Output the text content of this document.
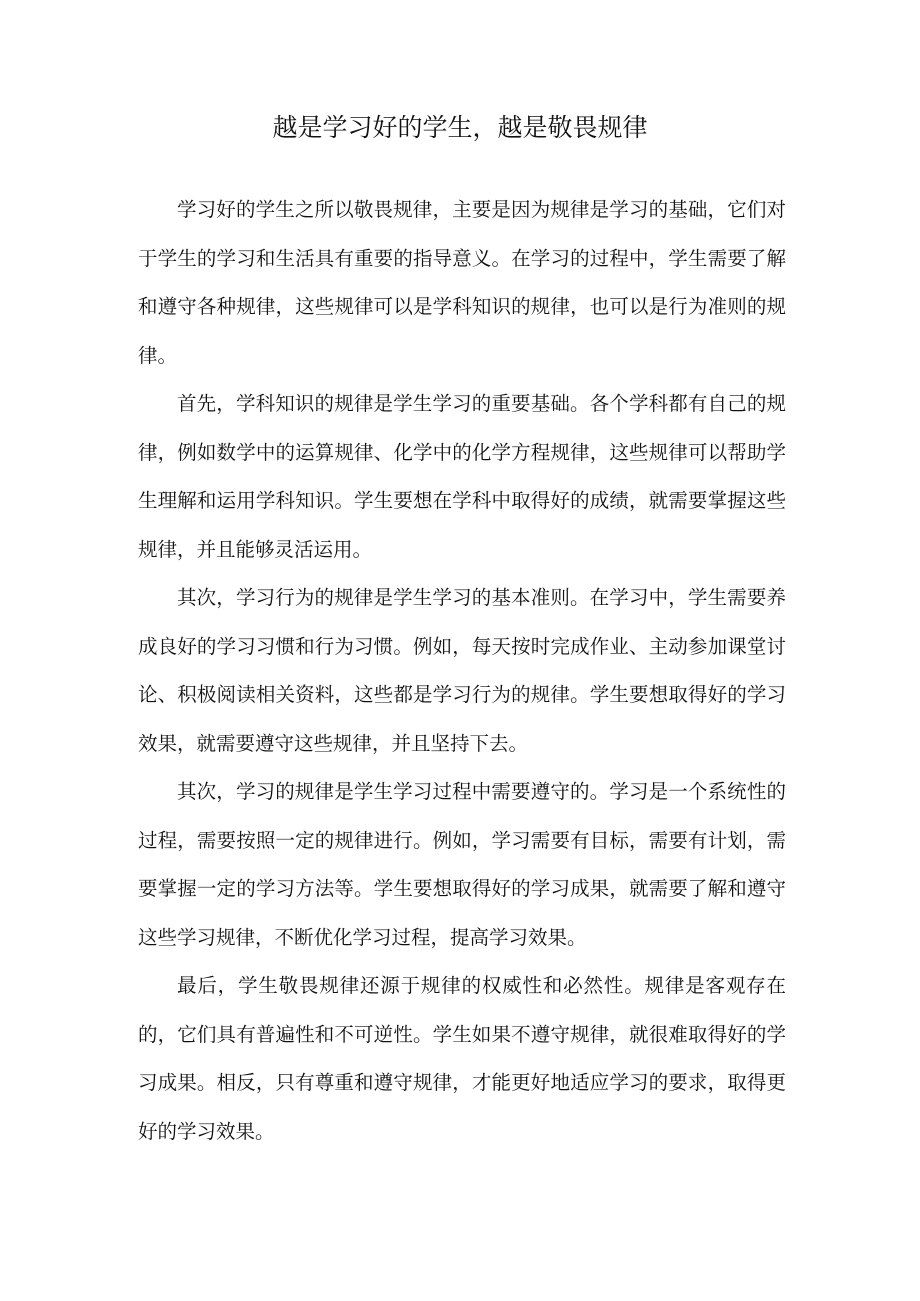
越是学习好的学生，越是敬畏规律

学习好的学生之所以敬畏规律，主要是因为规律是学习的基础，它们对于学生的学习和生活具有重要的指导意义。在学习的过程中，学生需要了解和遵守各种规律，这些规律可以是学科知识的规律，也可以是行为准则的规律。

首先，学科知识的规律是学生学习的重要基础。各个学科都有自己的规律，例如数学中的运算规律、化学中的化学方程规律，这些规律可以帮助学生理解和运用学科知识。学生要想在学科中取得好的成绩，就需要掌握这些规律，并且能够灵活运用。

其次，学习行为的规律是学生学习的基本准则。在学习中，学生需要养成良好的学习习惯和行为习惯。例如，每天按时完成作业、主动参加课堂讨论、积极阅读相关资料，这些都是学习行为的规律。学生要想取得好的学习效果，就需要遵守这些规律，并且坚持下去。

其次，学习的规律是学生学习过程中需要遵守的。学习是一个系统性的过程，需要按照一定的规律进行。例如，学习需要有目标，需要有计划，需要掌握一定的学习方法等。学生要想取得好的学习成果，就需要了解和遵守这些学习规律，不断优化学习过程，提高学习效果。

最后，学生敬畏规律还源于规律的权威性和必然性。规律是客观存在的，它们具有普遍性和不可逆性。学生如果不遵守规律，就很难取得好的学习成果。相反，只有尊重和遵守规律，才能更好地适应学习的要求，取得更好的学习效果。
